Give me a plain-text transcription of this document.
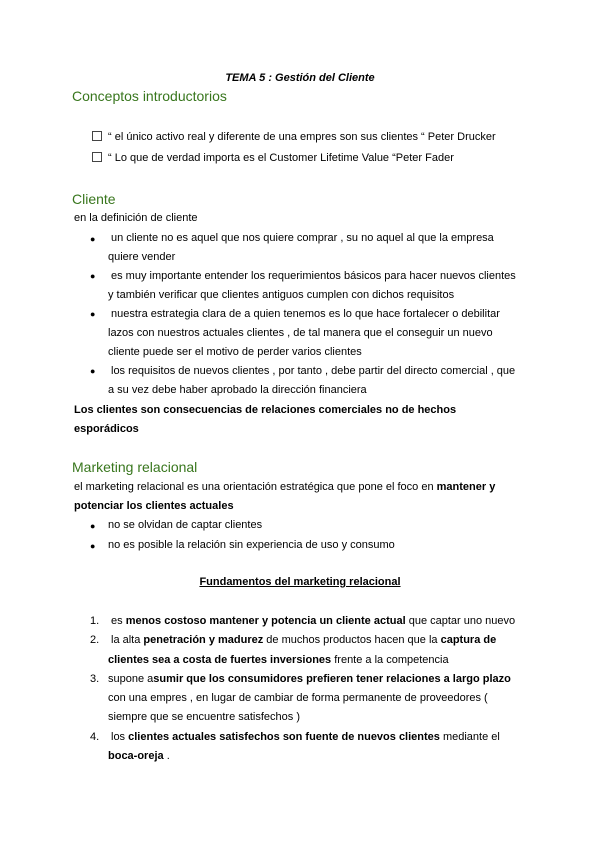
TEMA 5 : Gestión del Cliente
Conceptos introductorios
“ el único activo real y diferente de una empres son sus clientes “ Peter Drucker
“ Lo que de verdad importa es el Customer Lifetime Value “Peter Fader
Cliente
en la definición de cliente
● un cliente no es aquel que nos quiere comprar , su no aquel al que la empresa
quiere vender
● es muy importante entender los requerimientos básicos para hacer nuevos clientes
y también verificar que clientes antiguos cumplen con dichos requisitos
● nuestra estrategia clara de a quien tenemos es lo que hace fortalecer o debilitar
lazos con nuestros actuales clientes , de tal manera que el conseguir un nuevo
cliente puede ser el motivo de perder varios clientes
● los requisitos de nuevos clientes , por tanto , debe partir del directo comercial , que
a su vez debe haber aprobado la dirección financiera
Los clientes son consecuencias de relaciones comerciales no de hechos
esporádicos
Marketing relacional
el marketing relacional es una orientación estratégica que pone el foco en mantener y
potenciar los clientes actuales
● no se olvidan de captar clientes
● no es posible la relación sin experiencia de uso y consumo
Fundamentos del marketing relacional
1. es menos costoso mantener y potencia un cliente actual que captar uno nuevo
2. la alta penetración y madurez de muchos productos hacen que la captura de
clientes sea a costa de fuertes inversiones frente a la competencia
3. supone asumir que los consumidores prefieren tener relaciones a largo plazo
con una empres , en lugar de cambiar de forma permanente de proveedores (
siempre que se encuentre satisfechos )
4. los clientes actuales satisfechos son fuente de nuevos clientes mediante el
boca-oreja .
